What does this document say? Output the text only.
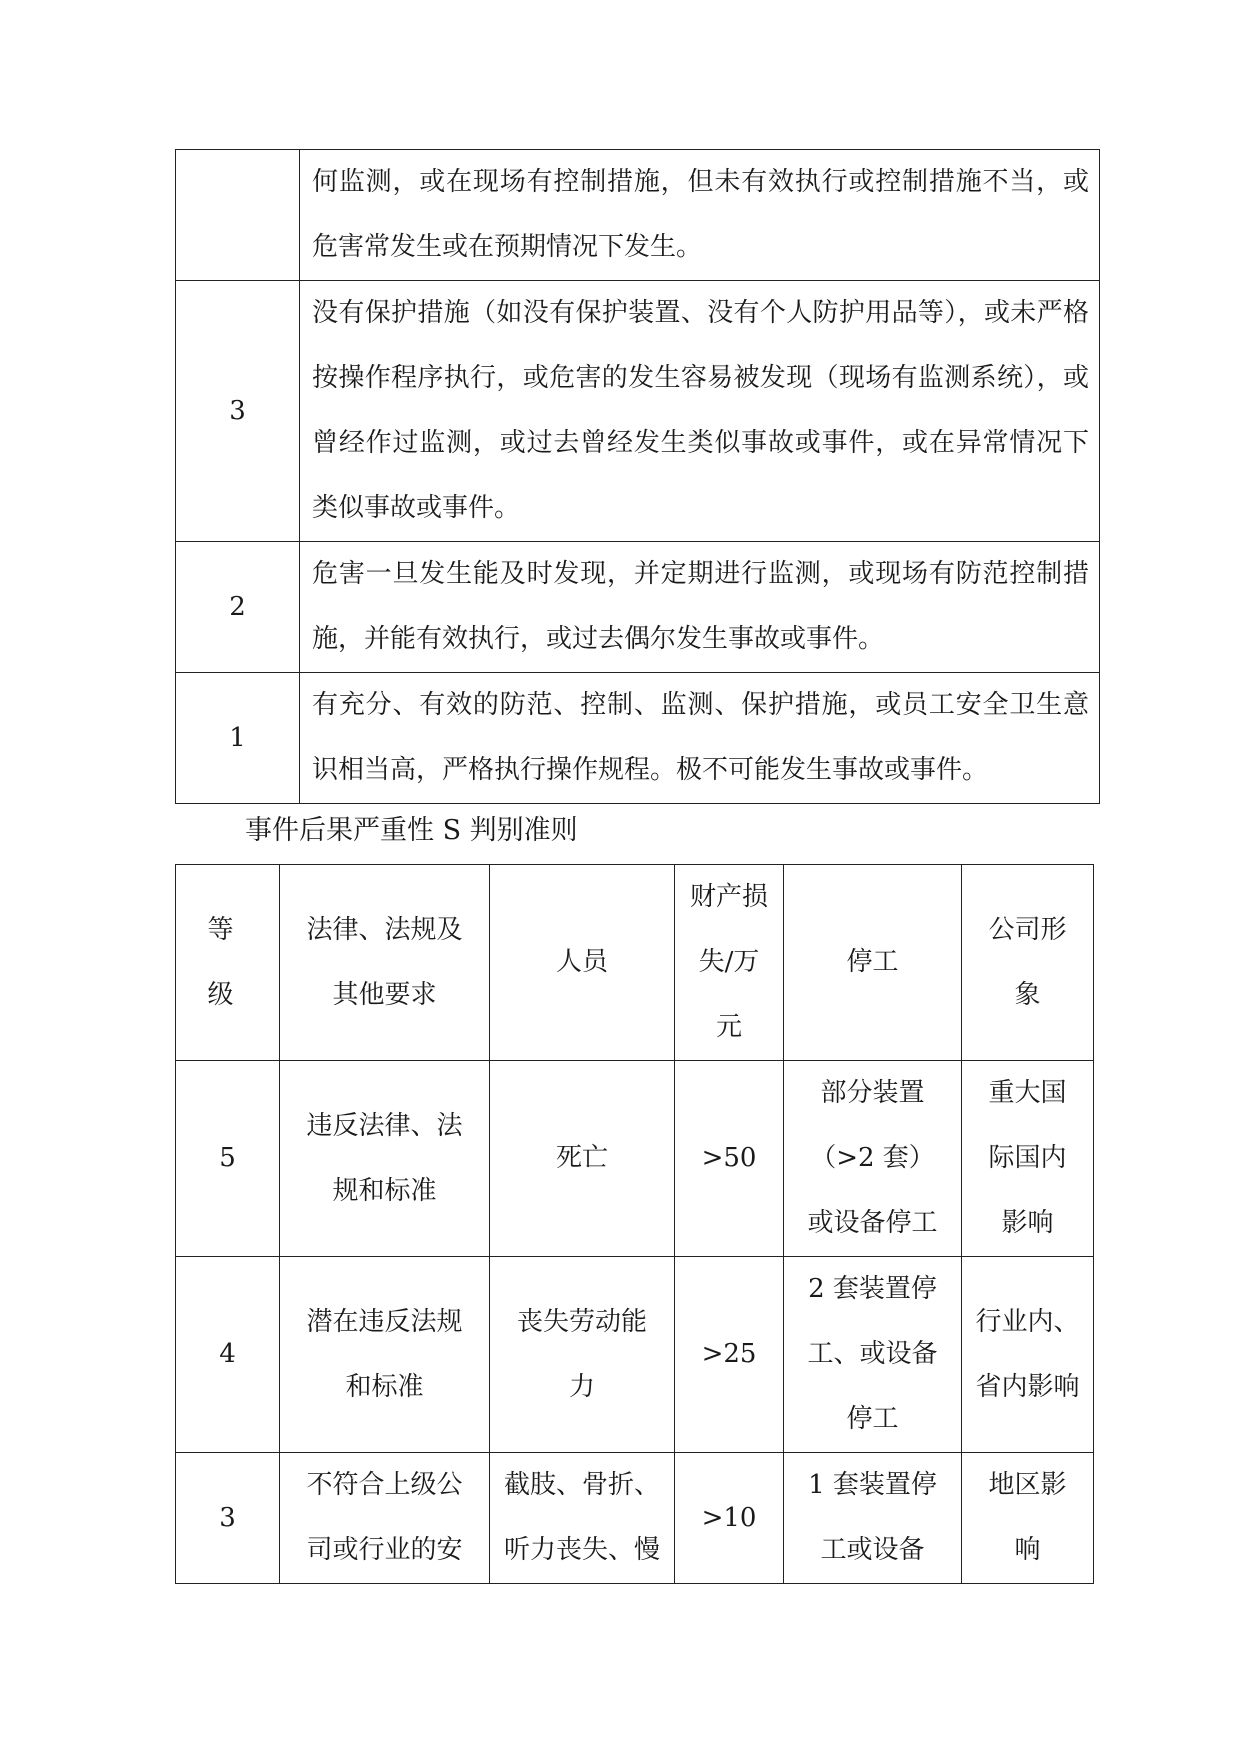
	何监测，或在现场有控制措施，但未有效执行或控制措施不当，或危害常发生或在预期情况下发生。
3	没有保护措施（如没有保护装置、没有个人防护用品等），或未严格按操作程序执行，或危害的发生容易被发现（现场有监测系统），或曾经作过监测，或过去曾经发生类似事故或事件，或在异常情况下类似事故或事件。
2	危害一旦发生能及时发现，并定期进行监测，或现场有防范控制措施，并能有效执行，或过去偶尔发生事故或事件。
1	有充分、有效的防范、控制、监测、保护措施，或员工安全卫生意识相当高，严格执行操作规程。极不可能发生事故或事件。
事件后果严重性 S 判别准则
等 级	法律、法规及其他要求	人员	财产损失/万元	停工	公司形象
5	违反法律、法规和标准	死亡	>50	部分装置（>2 套）或设备停工	重大国际国内影响
4	潜在违反法规和标准	丧失劳动能力	>25	2 套装置停工、或设备停工	行业内、省内影响
3	不符合上级公司或行业的安	截肢、骨折、听力丧失、慢	>10	1 套装置停工或设备	地区影响
